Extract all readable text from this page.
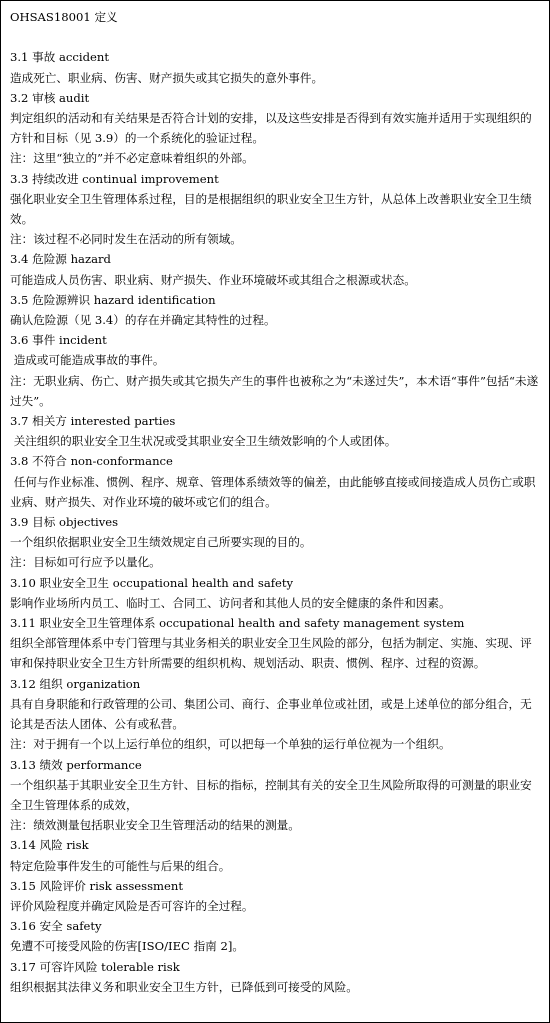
OHSAS18001 定义

3.1 事故 accident

造成死亡、职业病、伤害、财产损失或其它损失的意外事件。

3.2 审核 audit

判定组织的活动和有关结果是否符合计划的安排，以及这些安排是否得到有效实施并适用于实现组织的方针和目标（见 3.9）的一个系统化的验证过程。

注：这里“独立的”并不必定意味着组织的外部。

3.3 持续改进 continual improvement

强化职业安全卫生管理体系过程，目的是根据组织的职业安全卫生方针，从总体上改善职业安全卫生绩效。

注：该过程不必同时发生在活动的所有领域。

3.4 危险源 hazard

可能造成人员伤害、职业病、财产损失、作业环境破坏或其组合之根源或状态。

3.5 危险源辨识 hazard identification

确认危险源（见 3.4）的存在并确定其特性的过程。

3.6 事件 incident

造成或可能造成事故的事件。

注：无职业病、伤亡、财产损失或其它损失产生的事件也被称之为“未遂过失”，本术语“事件”包括“未遂过失”。

3.7 相关方 interested parties

关注组织的职业安全卫生状况或受其职业安全卫生绩效影响的个人或团体。

3.8 不符合 non-conformance

任何与作业标准、惯例、程序、规章、管理体系绩效等的偏差，由此能够直接或间接造成人员伤亡或职业病、财产损失、对作业环境的破坏或它们的组合。

3.9 目标 objectives

一个组织依据职业安全卫生绩效规定自己所要实现的目的。

注：目标如可行应予以量化。

3.10 职业安全卫生 occupational health and safety

影响作业场所内员工、临时工、合同工、访问者和其他人员的安全健康的条件和因素。

3.11 职业安全卫生管理体系 occupational health and safety management system

组织全部管理体系中专门管理与其业务相关的职业安全卫生风险的部分，包括为制定、实施、实现、评审和保持职业安全卫生方针所需要的组织机构、规划活动、职责、惯例、程序、过程的资源。

3.12 组织 organization

具有自身职能和行政管理的公司、集团公司、商行、企事业单位或社团，或是上述单位的部分组合，无论其是否法人团体、公有或私营。

注：对于拥有一个以上运行单位的组织，可以把每一个单独的运行单位视为一个组织。

3.13 绩效 performance

一个组织基于其职业安全卫生方针、目标的指标，控制其有关的安全卫生风险所取得的可测量的职业安全卫生管理体系的成效，

注：绩效测量包括职业安全卫生管理活动的结果的测量。

3.14 风险 risk

特定危险事件发生的可能性与后果的组合。

3.15 风险评价 risk assessment

评价风险程度并确定风险是否可容许的全过程。

3.16 安全 safety

免遭不可接受风险的伤害[ISO/IEC 指南 2]。

3.17 可容许风险 tolerable risk

组织根据其法律义务和职业安全卫生方针，已降低到可接受的风险。
